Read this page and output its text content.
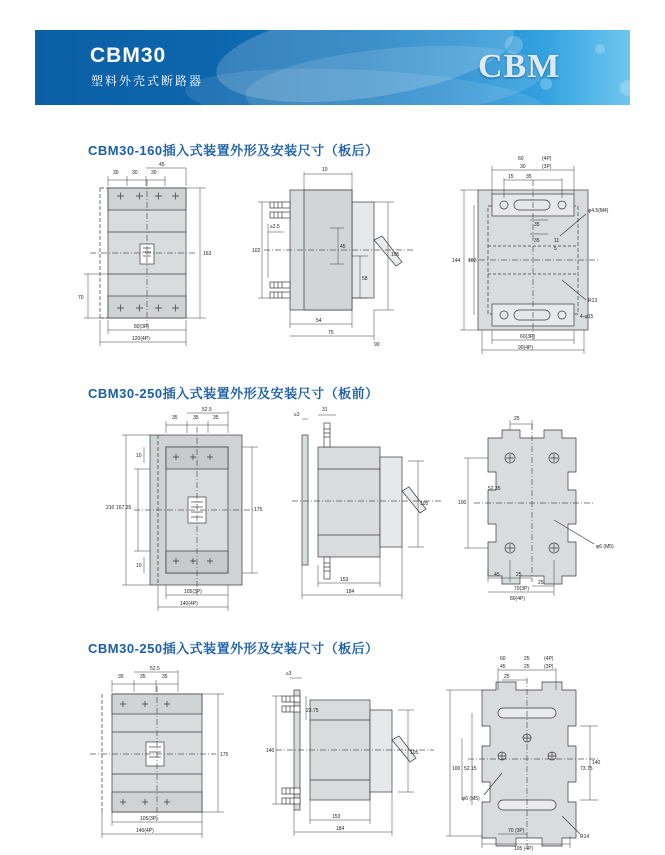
CBM30
塑料外壳式断路器	CBM
CBM30-160插入式装置外形及安装尺寸（板后）
30	30	30
45
163
70
80(3P)
120(4P)
10
≥2.5
102
45
58
105
54
75
90
60	(4P)
30	(3P)
15 35
144 102
35
35	11
5
φ4.5(M4)
R13
4-φ15
60(3P)
90(4P)
CBM30-250插入式装置外形及安装尺寸（板前）
52.5
35	35	35
10
167.35
210	175
10
105(3P)
140(4P)
≥3
31
105
153
184
25
52.35
100
45	25
φ6 (M5)
25
70(3P)
80(4P)
CBM30-250插入式装置外形及安装尺寸（板后）
52.5
35	35	35
175
105(3P)
140(4P)
≥3
23.75
140	105
153
184
60	25	(4P)
45	25	(3P)
25
52.15
100
140
73.75
φ6 (M5)
R14
70 (3P)
105 (4P)
